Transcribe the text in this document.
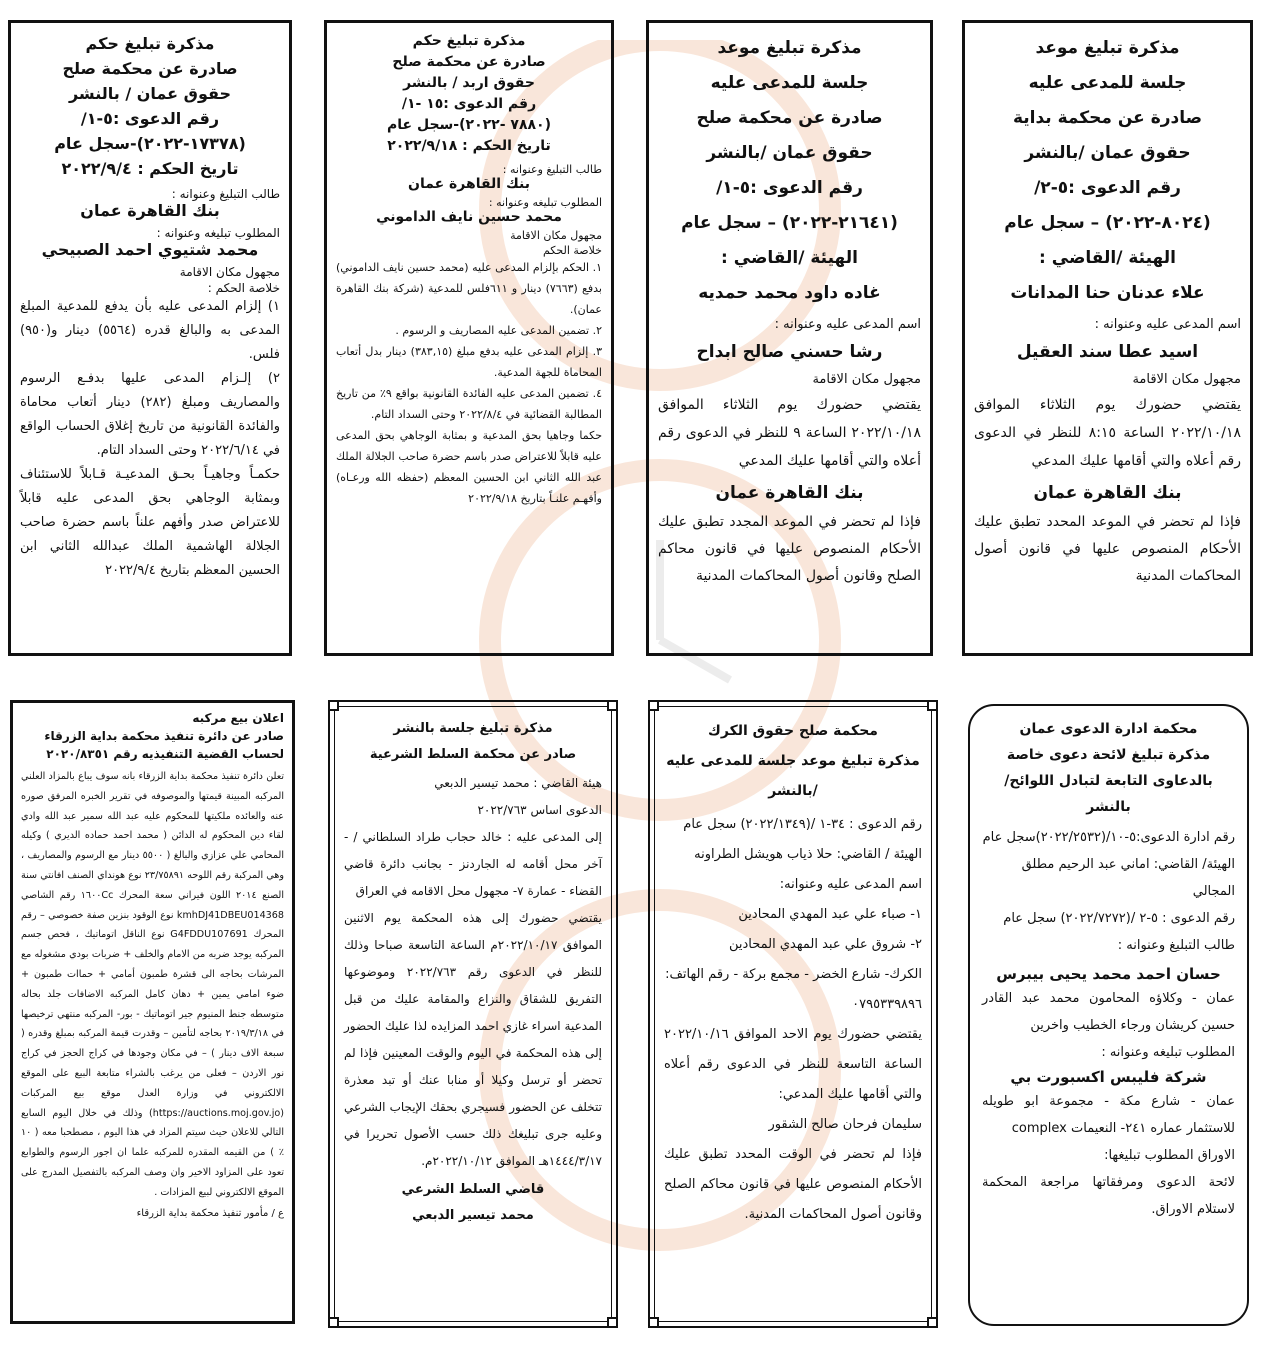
مذكرة تبليغ موعد
جلسة للمدعى عليه
صادرة عن محكمة بداية
حقوق عمان /بالنشر
رقم الدعوى :٥-٢/
(٨٠٢٤-٢٠٢٢) – سجل عام
الهيئة /القاضي :
علاء عدنان حنا المدانات

اسم المدعى عليه وعنوانه :

اسيد عطا سند العقيل

مجهول مكان الاقامة

يقتضي حضورك يوم الثلاثاء الموافق ٢٠٢٢/١٠/١٨ الساعة ٨:١٥ للنظر في الدعوى رقم أعلاه والتي أقامها عليك المدعي

بنك القاهرة عمان

فإذا لم تحضر في الموعد المحدد تطبق عليك الأحكام المنصوص عليها في قانون أصول المحاكمات المدنية

مذكرة تبليغ موعد
جلسة للمدعى عليه
صادرة عن محكمة صلح
حقوق عمان /بالنشر
رقم الدعوى :٥-١/
(٢١٦٤١-٢٠٢٢) – سجل عام
الهيئة /القاضي :
غاده داود محمد حمديه

اسم المدعى عليه وعنوانه :

رشا حسني صالح ابداح

مجهول مكان الاقامة

يقتضي حضورك يوم الثلاثاء الموافق ٢٠٢٢/١٠/١٨ الساعة ٩ للنظر في الدعوى رقم أعلاه والتي أقامها عليك المدعي

بنك القاهرة عمان

فإذا لم تحضر في الموعد المجدد تطبق عليك الأحكام المنصوص عليها في قانون محاكم الصلح وقانون أصول المحاكمات المدنية

مذكرة تبليغ حكم
صادرة عن محكمة صلح
حقوق اربد / بالنشر
رقم الدعوى :١٥ -١/
(٧٨٨٠ -٢٠٢٢)-سجل عام
تاريخ الحكم : ٢٠٢٢/٩/١٨

طالب التبليغ وعنوانه :

بنك القاهرة عمان

المطلوب تبليغه وعنوانه :

محمد حسين نايف الداموني

مجهول مكان الاقامة

خلاصة الحكم

١. الحكم بإلزام المدعى عليه (محمد حسين نايف الداموني) بدفع (٧٦٦٣) دينار و ٦١١فلس للمدعية (شركة بنك القاهرة عمان).

٢. تضمين المدعى عليه المصاريف و الرسوم .

٣. إلزام المدعى عليه بدفع مبلغ (٣٨٣,١٥) دينار بدل أتعاب المحاماة للجهة المدعية.

٤. تضمين المدعى عليه الفائدة القانونية بواقع ٩٪ من تاريخ المطالبة القضائية في ٢٠٢٢/٨/٤ وحتى السداد التام.

حكما وجاهيا بحق المدعية و بمثابة الوجاهي بحق المدعى عليه قابلاً للاعتراض صدر باسم حضرة صاحب الجلالة الملك عبد الله الثاني ابن الحسين المعظم (حفظه الله ورعـاه) وأفهـم علنـاً بتاريخ ٢٠٢٢/٩/١٨

مذكرة تبليغ حكم
صادرة عن محكمة صلح
حقوق عمان / بالنشر
رقم الدعوى :٥-١/
(١٧٣٧٨-٢٠٢٢)-سجل عام
تاريخ الحكم : ٢٠٢٢/٩/٤

طالب التبليغ وعنوانه :

بنك القاهرة عمان

المطلوب تبليغه وعنوانه :

محمد شتيوي احمد الصبيحي

مجهول مكان الاقامة

خلاصة الحكم :

١) إلزام المدعى عليه بأن يدفع للمدعية المبلغ المدعى به والبالغ قدره (٥٥٦٤) دينار و(٩٥٠) فلس.

٢) إلـزام المدعى عليها بدفـع الرسوم والمصاريف ومبلغ (٢٨٢) دينار أتعاب محاماة والفائدة القانونية من تاريخ إغلاق الحساب الواقع في ٢٠٢٢/٦/١٤ وحتى السداد التام.

حكمـاً وجاهيـاً بحـق المدعيـة قـابلاً للاستئناف وبمثابة الوجاهي بحق المدعى عليه قابلاً للاعتراض صدر وأفهم علناً باسم حضرة صاحب الجلالة الهاشمية الملك عبدالله الثاني ابن الحسين المعظم بتاريخ ٢٠٢٢/٩/٤

محكمة ادارة الدعوى عمان
مذكرة تبليغ لائحة دعوى خاصة بالدعاوى التابعة لتبادل اللوائح/بالنشر

رقم ادارة الدعوى:٥-١٠/(٢٠٢٢/٢٥٣٢)سجل عام

الهيئة/ القاضي: اماني عبد الرحيم مطلق المجالي

رقم الدعوى : ٥-٢ /(٢٠٢٢/٧٢٧٢) سجل عام

طالب التبليغ وعنوانه :

حسان احمد محمد يحيى بيبرس

عمان - وكلاؤه المحامون محمد عبد القادر حسين كريشان ورجاء الخطيب واخرين

المطلوب تبليغه وعنوانه :

شركة فليبس اكسبورت بي

عمان - شارع مكة - مجموعة ابو طويله للاستثمار عماره ٢٤١- النعيمات complex

الاوراق المطلوب تبليغها:

لائحة الدعوى ومرفقاتها مراجعة المحكمة لاستلام الاوراق.

محكمة صلح حقوق الكرك
مذكرة تبليغ موعد جلسة للمدعى عليه /بالنشر

رقم الدعوى : ٣٤-١ /(٢٠٢٢/١٣٤٩) سجل عام

الهيئة / القاضي: حلا ذياب هويشل الطراونه

اسم المدعى عليه وعنوانه:

١- صباء علي عبد المهدي المحادين

٢- شروق علي عبد المهدي المحادين

الكرك- شارع الخضر - مجمع بركة - رقم الهاتف: ٠٧٩٥٣٣٩٨٩٦

يقتضي حضورك يوم الاحد الموافق ٢٠٢٢/١٠/١٦ الساعة التاسعة للنظر في الدعوى رقم أعلاه والتي أقامها عليك المدعي:

سليمان فرحان صالح الشقور

فإذا لم تحضر في الوقت المحدد تطبق عليك الأحكام المنصوص عليها في قانون محاكم الصلح وقانون أصول المحاكمات المدنية.

مذكرة تبليغ جلسة بالنشر
صادر عن محكمة السلط الشرعية

هيئة القاضي : محمد تيسير الدبعي

الدعوى اساس ٢٠٢٢/٧٦٣

إلى المدعى عليه : خالد حجاب طراد السلطاني / - آخر محل أقامه له الجاردنز - بجانب دائرة قاضي القضاء - عمارة ٧- مجهول محل الاقامه في العراق

يقتضي حضورك إلى هذه المحكمة يوم الاثنين الموافق ٢٠٢٢/١٠/١٧م الساعة التاسعة صباحا وذلك للنظر في الدعوى رقم ٢٠٢٢/٧٦٣ وموضوعها التفريق للشقاق والنزاع والمقامة عليك من قبل المدعية اسراء غازي احمد المزايده لذا عليك الحضور إلى هذه المحكمة في اليوم والوقت المعينين فإذا لم تحضر أو ترسل وكيلا أو منابا عنك أو تبد معذرة تتخلف عن الحضور فسيجري بحقك الإيجاب الشرعي وعليه جرى تبليغك ذلك حسب الأصول تحريرا في ١٤٤٤/٣/١٧هـ الموافق ٢٠٢٢/١٠/١٢م.

قاضي السلط الشرعي

محمد تيسير الدبعي

اعلان بيع مركبه
صادر عن دائرة تنفيذ محكمة بداية الزرقاء
لحساب القضية التنفيذيه رقم ٢٠٢٠/٨٣٥١

تعلن دائرة تنفيذ محكمة بداية الزرقاء بانه سوف يباع بالمزاد العلني المركبه المبينة قيمتها والموصوفه في تقرير الخبره المرفق صوره عنه والعائده ملكيتها للمحكوم عليه عبد الله سمير عبد الله وادي لقاء دين المحكوم له الدائن ( محمد احمد حماده الديري ) وكيله المحامي علي عزازي والبالغ ( ٥٥٠٠ دينار مع الرسوم والمصاريف ، وهي المركبة رقم اللوحه ٢٣/٧٥٨٩١ نوع هونداي الصنف افانتي سنة الصنع ٢٠١٤ اللون فيراني سعة المحرك ١٦٠٠Cc رقم الشاصي kmhDJ41DBEU014368 نوع الوقود بنزين صفة خصوصي – رقم المحرك G4FDDU107691 نوع الناقل اتوماتيك ، فحص جسم المركبه يوجد ضربه من الامام والخلف + ضربات بودي مشغوله مع المرشات بحاجه الى قشرة طمبون أمامي + حماات طمبون + ضوء امامي يمين + دهان كامل المركبه الاضافات جلد بحاله متوسطه جنط المنيوم جير اتوماتيك - بور- المركبه منتهي ترخيصها في ٢٠١٩/٣/١٨ بحاجه لتأمين – وقدرت قيمة المركبه بمبلغ وقدره ( سبعة الاف دينار ) – في مكان وجودها في كراج الحجز في كراج نور الاردن – فعلى من يرغب بالشراء متابعة البيع على الموقع الالكتروني في وزارة العدل موقع بيع المركبات (https://auctions.moj.gov.jo) وذلك في خلال اليوم السابع التالي للاعلان حيث سيتم المزاد في هذا اليوم ، مصطحبا معه ( ١٠ ٪ ) من القيمه المقدره للمركبه علما ان اجور الرسوم والطوابع تعود على المزاود الاخير وان وصف المركبه بالتفصيل المدرج على الموقع الالكتروني لبيع المزادات .

ع / مأمور تنفيذ محكمة بداية الزرقاء
